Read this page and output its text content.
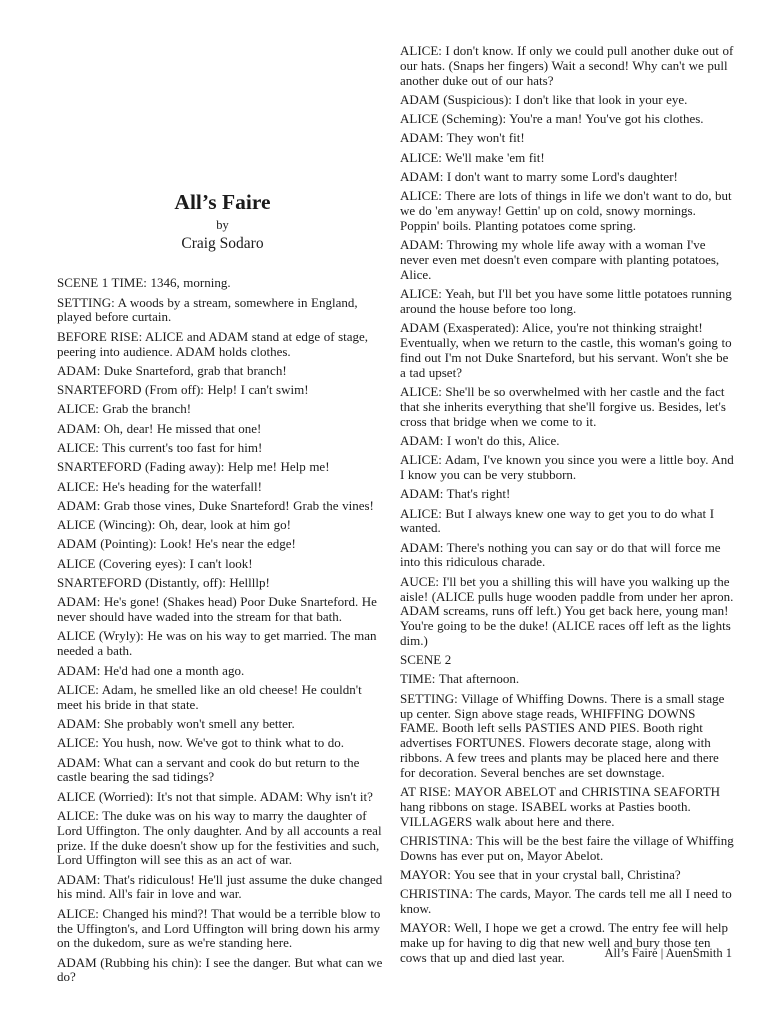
All’s Faire
by
Craig Sodaro

SCENE 1 TIME: 1346, morning.

SETTING: A woods by a stream, somewhere in England, played before curtain.

BEFORE RISE: ALICE and ADAM stand at edge of stage, peering into audience. ADAM holds clothes.

ADAM: Duke Snarteford, grab that branch!

SNARTEFORD (From off): Help! I can't swim!

ALICE: Grab the branch!

ADAM: Oh, dear! He missed that one!

ALICE: This current's too fast for him!

SNARTEFORD (Fading away): Help me! Help me!

ALICE: He's heading for the waterfall!

ADAM: Grab those vines, Duke Snarteford! Grab the vines!

ALICE (Wincing): Oh, dear, look at him go!

ADAM (Pointing): Look! He's near the edge!

ALICE (Covering eyes): I can't look!

SNARTEFORD (Distantly, off): Hellllp!

ADAM: He's gone! (Shakes head) Poor Duke Snarteford. He never should have waded into the stream for that bath.

ALICE (Wryly): He was on his way to get married. The man needed a bath.

ADAM: He'd had one a month ago.

ALICE: Adam, he smelled like an old cheese! He couldn't meet his bride in that state.

ADAM: She probably won't smell any better.

ALICE: You hush, now. We've got to think what to do.

ADAM: What can a servant and cook do but return to the castle bearing the sad tidings?

ALICE (Worried): It's not that simple. ADAM: Why isn't it?

ALICE: The duke was on his way to marry the daughter of Lord Uffington. The only daughter. And by all accounts a real prize. If the duke doesn't show up for the festivities and such, Lord Uffington will see this as an act of war.

ADAM: That's ridiculous! He'll just assume the duke changed his mind. All's fair in love and war.

ALICE: Changed his mind?! That would be a terrible blow to the Uffington's, and Lord Uffington will bring down his army on the dukedom, sure as we're standing here.

ADAM (Rubbing his chin): I see the danger. But what can we do?

ALICE: I don't know. If only we could pull another duke out of our hats. (Snaps her fingers) Wait a second! Why can't we pull another duke out of our hats?

ADAM (Suspicious): I don't like that look in your eye.

ALICE (Scheming): You're a man! You've got his clothes.

ADAM: They won't fit!

ALICE: We'll make 'em fit!

ADAM: I don't want to marry some Lord's daughter!

ALICE: There are lots of things in life we don't want to do, but we do 'em anyway! Gettin' up on cold, snowy mornings. Poppin' boils. Planting potatoes come spring.

ADAM: Throwing my whole life away with a woman I've never even met doesn't even compare with planting potatoes, Alice.

ALICE: Yeah, but I'll bet you have some little potatoes running around the house before too long.

ADAM (Exasperated): Alice, you're not thinking straight! Eventually, when we return to the castle, this woman's going to find out I'm not Duke Snarteford, but his servant. Won't she be a tad upset?

ALICE: She'll be so overwhelmed with her castle and the fact that she inherits everything that she'll forgive us. Besides, let's cross that bridge when we come to it.

ADAM: I won't do this, Alice.

ALICE: Adam, I've known you since you were a little boy. And I know you can be very stubborn.

ADAM: That's right!

ALICE: But I always knew one way to get you to do what I wanted.

ADAM: There's nothing you can say or do that will force me into this ridiculous charade.

AUCE: I'll bet you a shilling this will have you walking up the aisle! (ALICE pulls huge wooden paddle from under her apron. ADAM screams, runs off left.) You get back here, young man! You're going to be the duke! (ALICE races off left as the lights dim.)

SCENE 2

TIME: That afternoon.

SETTING: Village of Whiffing Downs. There is a small stage up center. Sign above stage reads, WHIFFING DOWNS FAME. Booth left sells PASTIES AND PIES. Booth right advertises FORTUNES. Flowers decorate stage, along with ribbons. A few trees and plants may be placed here and there for decoration. Several benches are set downstage.

AT RISE: MAYOR ABELOT and CHRISTINA SEAFORTH hang ribbons on stage. ISABEL works at Pasties booth. VILLAGERS walk about here and there.

CHRISTINA: This will be the best faire the village of Whiffing Downs has ever put on, Mayor Abelot.

MAYOR: You see that in your crystal ball, Christina?

CHRISTINA: The cards, Mayor. The cards tell me all I need to know.

MAYOR: Well, I hope we get a crowd. The entry fee will help make up for having to dig that new well and bury those ten cows that up and died last year.	All’s Faire | AuenSmith 1
